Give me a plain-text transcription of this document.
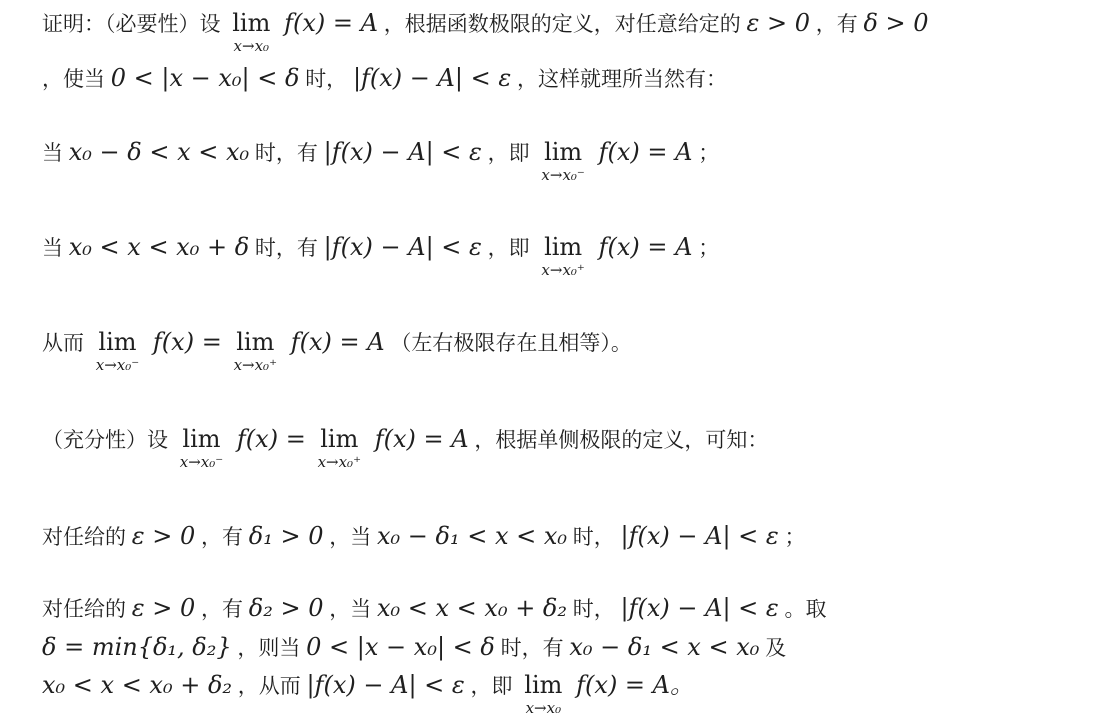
证明：（必要性）设 lim
x→x₀
f(x) = A ，根据函数极限的定义，对任意给定的 ε > 0 ，有 δ > 0
，使当 0 < |x − x₀| < δ 时， |f(x) − A| < ε ，这样就理所当然有：
当 x₀ − δ < x < x₀ 时，有 |f(x) − A| < ε ，即 lim
x→x₀⁻
f(x) = A ；
当 x₀ < x < x₀ + δ 时，有 |f(x) − A| < ε ，即 lim
x→x₀⁺
f(x) = A ；
从而 lim
x→x₀⁻
f(x) = lim
x→x₀⁺
f(x) = A （左右极限存在且相等）。
（充分性）设 lim
x→x₀⁻
f(x) = lim
x→x₀⁺
f(x) = A ，根据单侧极限的定义，可知：
对任给的 ε > 0 ，有 δ₁ > 0 ，当 x₀ − δ₁ < x < x₀ 时， |f(x) − A| < ε ；
对任给的 ε > 0 ，有 δ₂ > 0 ，当 x₀ < x < x₀ + δ₂ 时， |f(x) − A| < ε 。取
δ = min{δ₁, δ₂} ，则当 0 < |x − x₀| < δ 时，有 x₀ − δ₁ < x < x₀ 及
x₀ < x < x₀ + δ₂ ，从而 |f(x) − A| < ε ，即 lim
x→x₀
f(x) = A。
